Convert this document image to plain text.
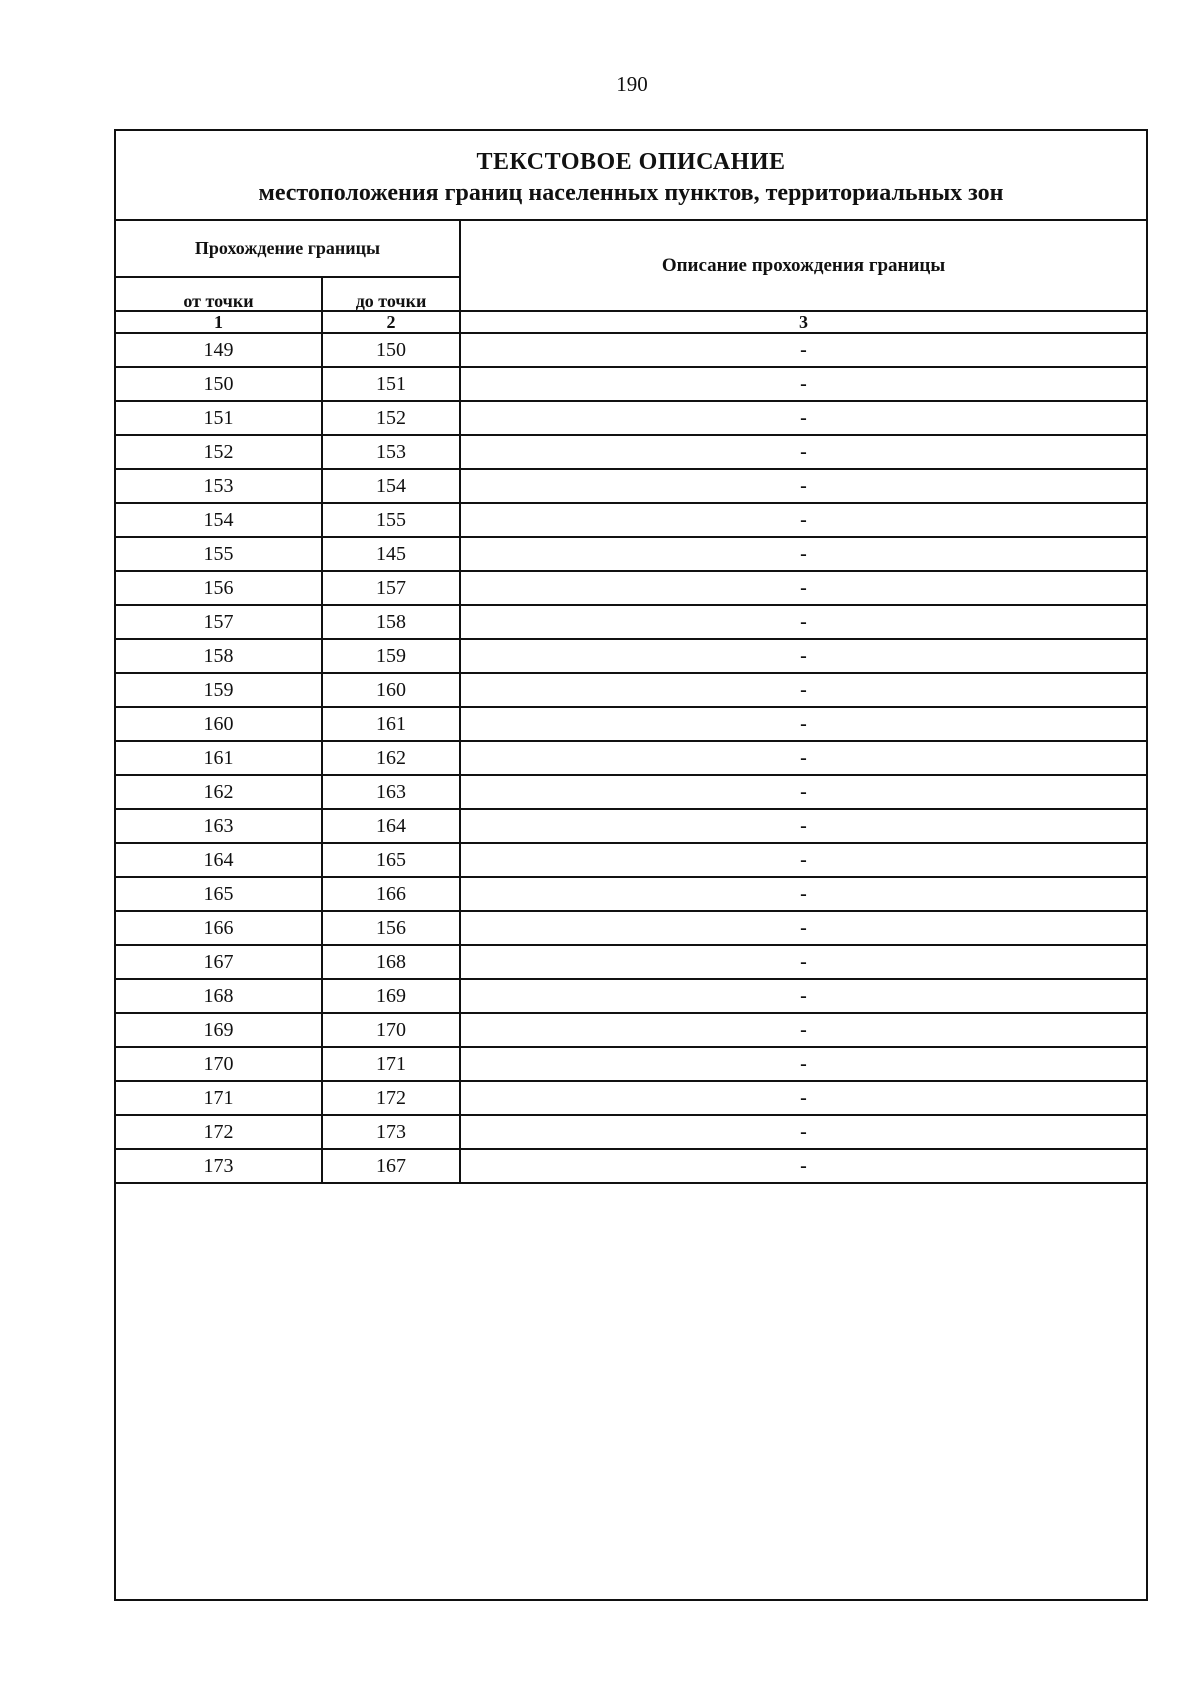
190
ТЕКСТОВОЕ ОПИСАНИЕ
местоположения границ населенных пунктов, территориальных зон
Прохождение границы		Описание прохождения границы
от точки	до точки	
1	2	3
149	150	-
150	151	-
151	152	-
152	153	-
153	154	-
154	155	-
155	145	-
156	157	-
157	158	-
158	159	-
159	160	-
160	161	-
161	162	-
162	163	-
163	164	-
164	165	-
165	166	-
166	156	-
167	168	-
168	169	-
169	170	-
170	171	-
171	172	-
172	173	-
173	167	-
